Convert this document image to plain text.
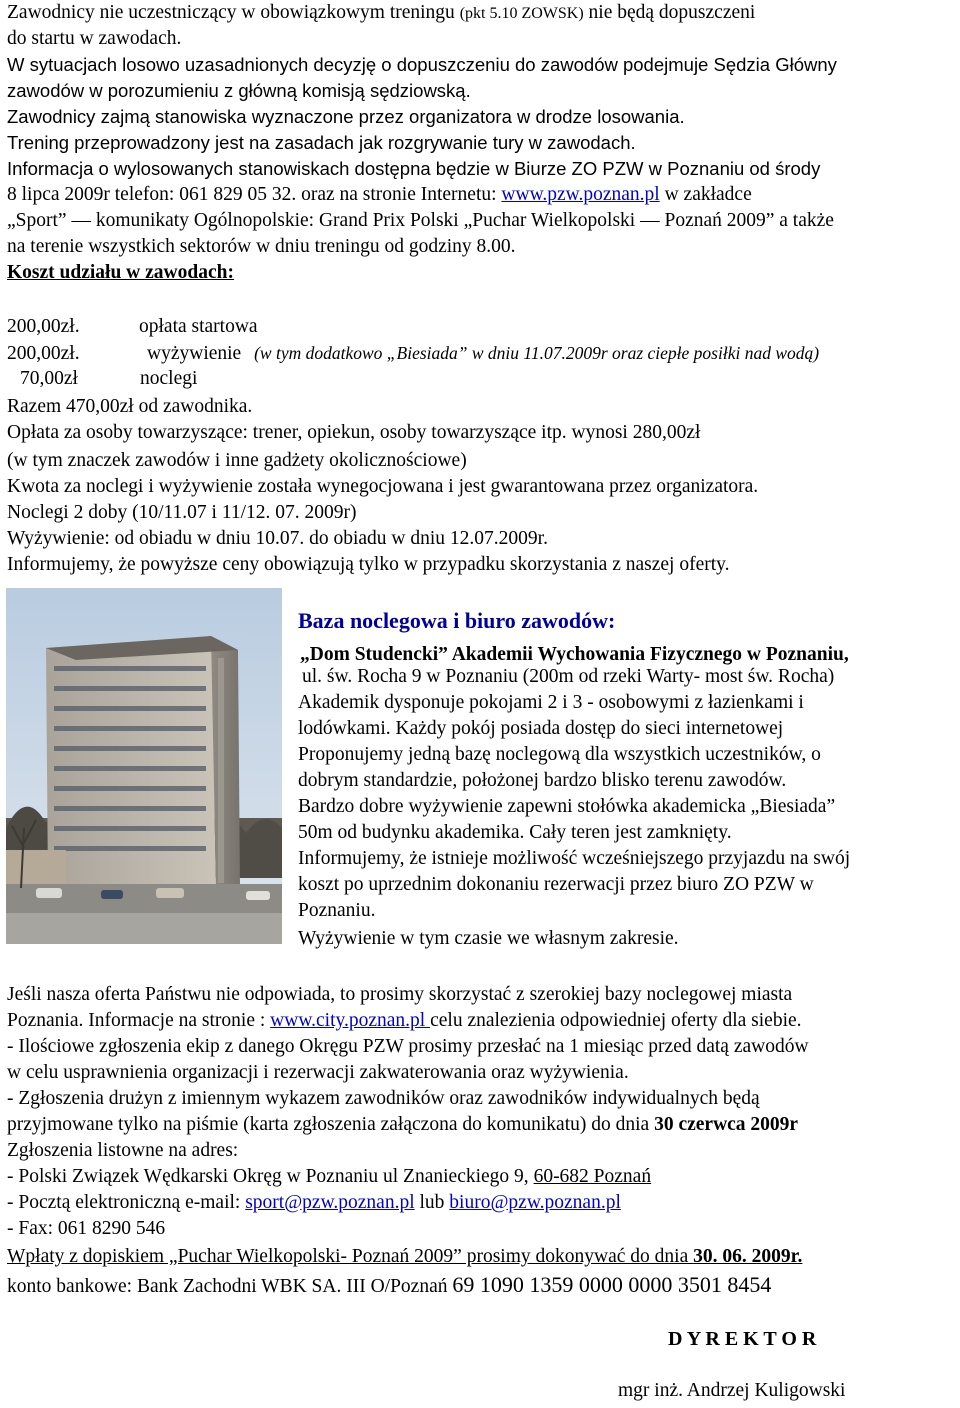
Zawodnicy nie uczestniczący w obowiązkowym treningu (pkt 5.10 ZOWSK) nie będą dopuszczeni
do startu w zawodach.
W sytuacjach losowo uzasadnionych decyzję o dopuszczeniu do zawodów podejmuje Sędzia Główny
zawodów w porozumieniu z główną komisją sędziowską.
Zawodnicy zajmą stanowiska wyznaczone przez organizatora w drodze losowania.
Trening przeprowadzony jest na zasadach jak rozgrywanie tury w zawodach.
Informacja o wylosowanych stanowiskach dostępna będzie w Biurze ZO PZW w Poznaniu od środy
8 lipca 2009r telefon: 061 829 05 32. oraz na stronie Internetu: www.pzw.poznan.pl w zakładce
„Sport” — komunikaty Ogólnopolskie: Grand Prix Polski „Puchar Wielkopolski — Poznań 2009” a także
na terenie wszystkich sektorów w dniu treningu od godziny 8.00.
Koszt udziału w zawodach:
200,00zł.	opłata startowa
200,00zł.	wyżywienie (w tym dodatkowo „Biesiada” w dniu 11.07.2009r oraz ciepłe posiłki nad wodą)
70,00zł	noclegi
Razem 470,00zł od zawodnika.
Opłata za osoby towarzyszące: trener, opiekun, osoby towarzyszące itp. wynosi 280,00zł
(w tym znaczek zawodów i inne gadżety okolicznościowe)
Kwota za noclegi i wyżywienie została wynegocjowana i jest gwarantowana przez organizatora.
Noclegi 2 doby (10/11.07 i 11/12. 07. 2009r)
Wyżywienie: od obiadu w dniu 10.07. do obiadu w dniu 12.07.2009r.
Informujemy, że powyższe ceny obowiązują tylko w przypadku skorzystania z naszej oferty.
Baza noclegowa i biuro zawodów:
„Dom Studencki” Akademii Wychowania Fizycznego w Poznaniu,
ul. św. Rocha 9 w Poznaniu (200m od rzeki Warty- most św. Rocha)
Akademik dysponuje pokojami 2 i 3 - osobowymi z łazienkami i
lodówkami. Każdy pokój posiada dostęp do sieci internetowej
Proponujemy jedną bazę noclegową dla wszystkich uczestników, o
dobrym standardzie, położonej bardzo blisko terenu zawodów.
Bardzo dobre wyżywienie zapewni stołówka akademicka „Biesiada”
50m od budynku akademika. Cały teren jest zamknięty.
Informujemy, że istnieje możliwość wcześniejszego przyjazdu na swój
koszt po uprzednim dokonaniu rezerwacji przez biuro ZO PZW w
Poznaniu.
Wyżywienie w tym czasie we własnym zakresie.
Jeśli nasza oferta Państwu nie odpowiada, to prosimy skorzystać z szerokiej bazy noclegowej miasta
Poznania. Informacje na stronie : www.city.poznan.pl celu znalezienia odpowiedniej oferty dla siebie.
- Ilościowe zgłoszenia ekip z danego Okręgu PZW prosimy przesłać na 1 miesiąc przed datą zawodów
w celu usprawnienia organizacji i rezerwacji zakwaterowania oraz wyżywienia.
- Zgłoszenia drużyn z imiennym wykazem zawodników oraz zawodników indywidualnych będą
przyjmowane tylko na piśmie (karta zgłoszenia załączona do komunikatu) do dnia 30 czerwca 2009r
Zgłoszenia listowne na adres:
- Polski Związek Wędkarski Okręg w Poznaniu ul Znanieckiego 9, 60-682 Poznań
- Pocztą elektroniczną e-mail: sport@pzw.poznan.pl lub biuro@pzw.poznan.pl
- Fax: 061 8290 546
Wpłaty z dopiskiem „Puchar Wielkopolski- Poznań 2009” prosimy dokonywać do dnia 30. 06. 2009r.
konto bankowe: Bank Zachodni WBK SA. III O/Poznań 69 1090 1359 0000 0000 3501 8454
D Y R E K T O R
mgr inż. Andrzej Kuligowski
